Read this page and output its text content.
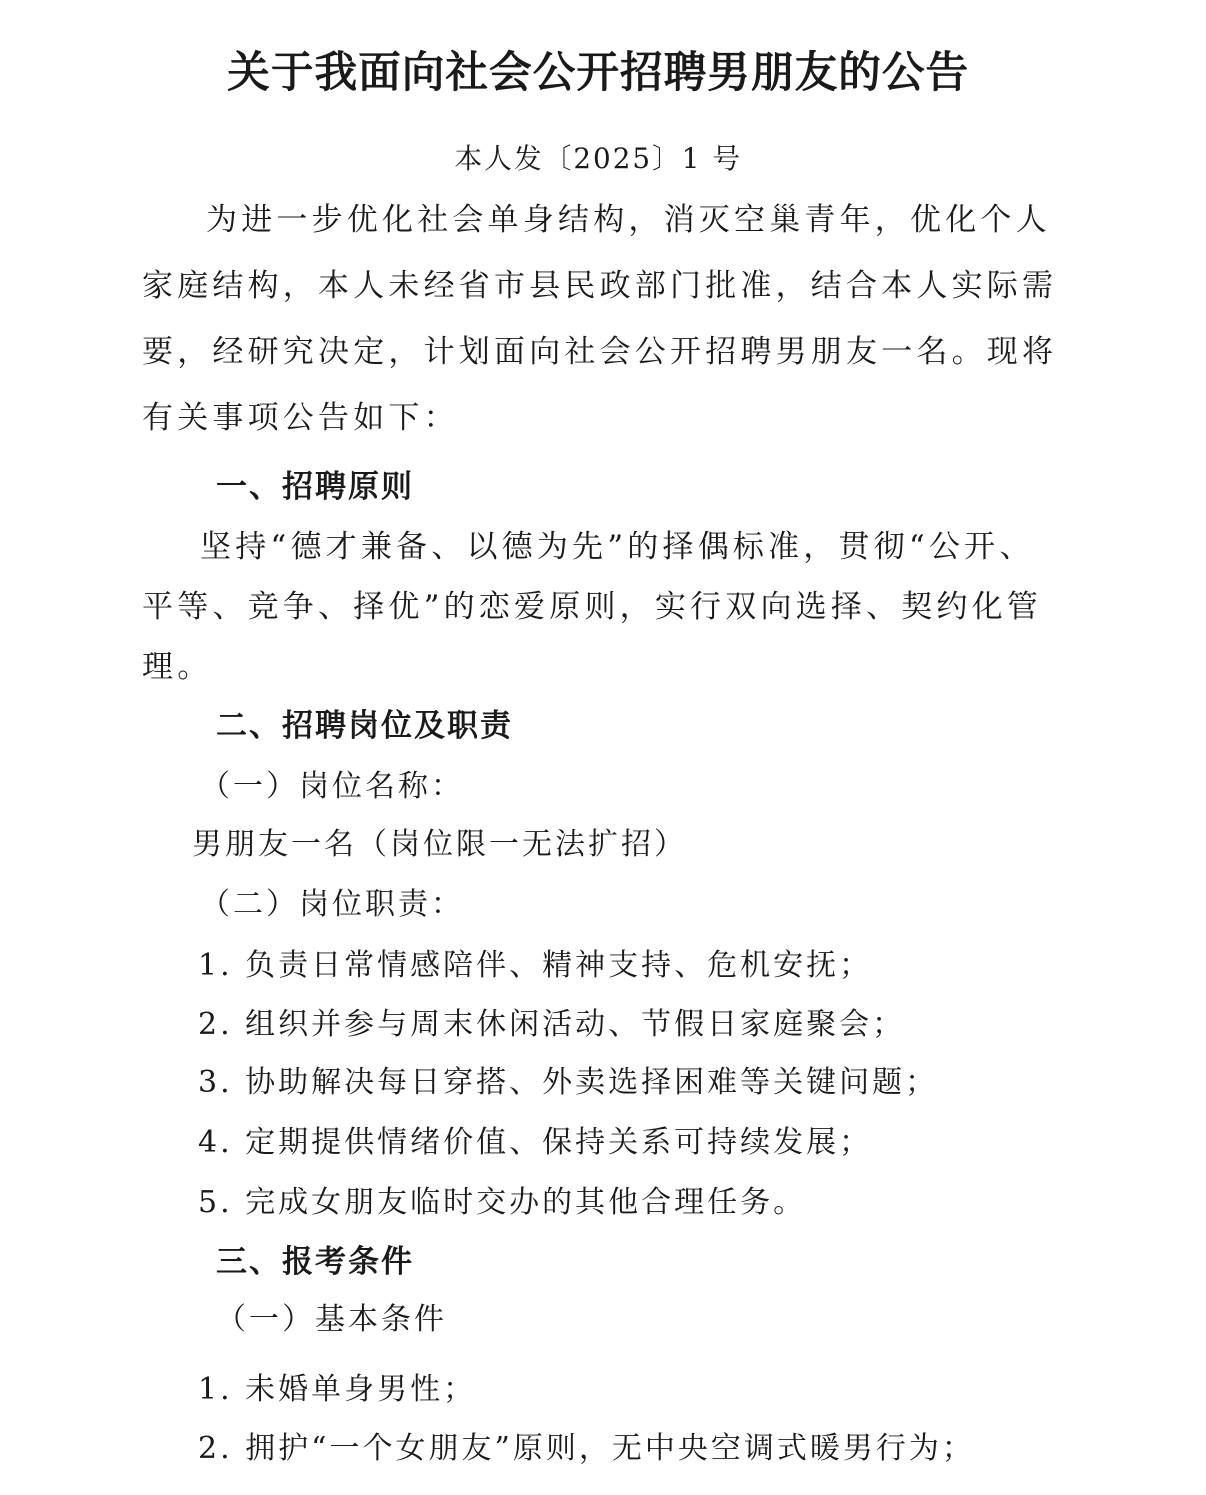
关于我面向社会公开招聘男朋友的公告
本人发〔2025〕1 号
为进一步优化社会单身结构，消灭空巢青年，优化个人
家庭结构，本人未经省市县民政部门批准，结合本人实际需
要，经研究决定，计划面向社会公开招聘男朋友一名。现将
有关事项公告如下：
一、招聘原则
坚持“德才兼备、以德为先”的择偶标准，贯彻“公开、
平等、竞争、择优”的恋爱原则，实行双向选择、契约化管
理。
二、招聘岗位及职责
（一）岗位名称：
男朋友一名（岗位限一无法扩招）
（二）岗位职责：
1. 负责日常情感陪伴、精神支持、危机安抚；
2. 组织并参与周末休闲活动、节假日家庭聚会；
3. 协助解决每日穿搭、外卖选择困难等关键问题；
4. 定期提供情绪价值、保持关系可持续发展；
5. 完成女朋友临时交办的其他合理任务。
三、报考条件
（一）基本条件
1. 未婚单身男性；
2. 拥护“一个女朋友”原则，无中央空调式暖男行为；
